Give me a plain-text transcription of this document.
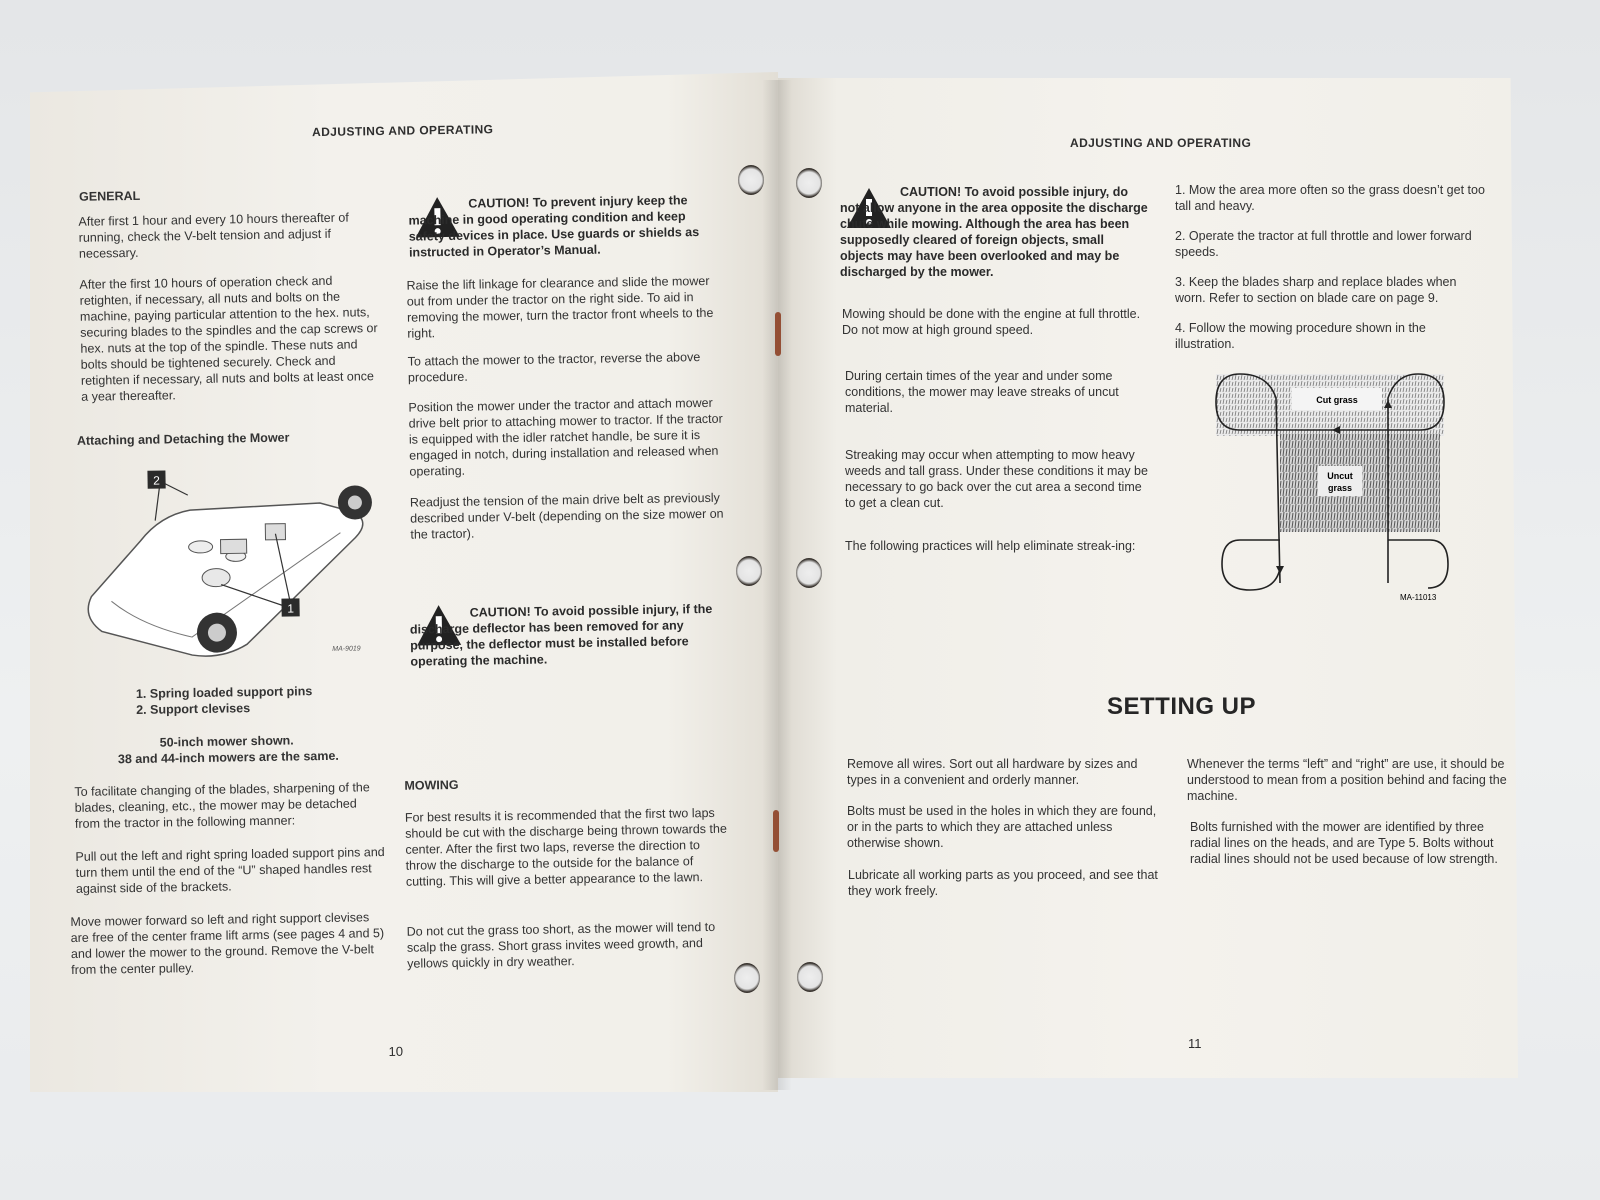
ADJUSTING AND OPERATING
GENERAL

After first 1 hour and every 10 hours thereafter of running, check the V-belt tension and adjust if necessary.

After the first 10 hours of operation check and retighten, if necessary, all nuts and bolts on the machine, paying particular attention to the hex. nuts, securing blades to the spindles and the cap screws or hex. nuts at the top of the spindle. These nuts and bolts should be tightened securely. Check and retighten if necessary, all nuts and bolts at least once a year thereafter.

Attaching and Detaching the Mower
2
1
MA-9019
1. Spring loaded support pins
2. Support clevises
50-inch mower shown.
38 and 44-inch mowers are the same.

To facilitate changing of the blades, sharpening of the blades, cleaning, etc., the mower may be detached from the tractor in the following manner:

Pull out the left and right spring loaded support pins and turn them until the end of the “U” shaped handles rest against side of the brackets.

Move mower forward so left and right support clevises are free of the center frame lift arms (see pages 4 and 5) and lower the mower to the ground. Remove the V-belt from the center pulley.

CAUTION! To prevent injury keep the machine in good operating condition and keep safety devices in place. Use guards or shields as instructed in Operator’s Manual.

Raise the lift linkage for clearance and slide the mower out from under the tractor on the right side. To aid in removing the mower, turn the tractor front wheels to the right.

To attach the mower to the tractor, reverse the above procedure.

Position the mower under the tractor and attach mower drive belt prior to attaching mower to tractor. If the tractor is equipped with the idler ratchet handle, be sure it is engaged in notch, during installation and released when operating.

Readjust the tension of the main drive belt as previously described under V-belt (depending on the size mower on the tractor).

CAUTION! To avoid possible injury, if the discharge deflector has been removed for any purpose, the deflector must be installed before operating the machine.

MOWING

For best results it is recommended that the first two laps should be cut with the discharge being thrown towards the center. After the first two laps, reverse the direction to throw the discharge to the outside for the balance of cutting. This will give a better appearance to the lawn.

Do not cut the grass too short, as the mower will tend to scalp the grass. Short grass invites weed growth, and yellows quickly in dry weather.

10
ADJUSTING AND OPERATING

CAUTION! To avoid possible injury, do not allow anyone in the area opposite the discharge chute while mowing. Although the area has been supposedly cleared of foreign objects, small objects may have been overlooked and may be discharged by the mower.

Mowing should be done with the engine at full throttle. Do not mow at high ground speed.

During certain times of the year and under some conditions, the mower may leave streaks of uncut material.

Streaking may occur when attempting to mow heavy weeds and tall grass. Under these conditions it may be necessary to go back over the cut area a second time to get a clean cut.

The following practices will help eliminate streak-ing:

1. Mow the area more often so the grass doesn’t get too tall and heavy.

2. Operate the tractor at full throttle and lower forward speeds.

3. Keep the blades sharp and replace blades when worn. Refer to section on blade care on page 9.

4. Follow the mowing procedure shown in the illustration.

Cut grass
Uncut
grass
MA-11013
SETTING UP

Remove all wires. Sort out all hardware by sizes and types in a convenient and orderly manner.

Bolts must be used in the holes in which they are found, or in the parts to which they are attached unless otherwise shown.

Lubricate all working parts as you proceed, and see that they work freely.

Whenever the terms “left” and “right” are use, it should be understood to mean from a position behind and facing the machine.

Bolts furnished with the mower are identified by three radial lines on the heads, and are Type 5. Bolts without radial lines should not be used because of low strength.

11
